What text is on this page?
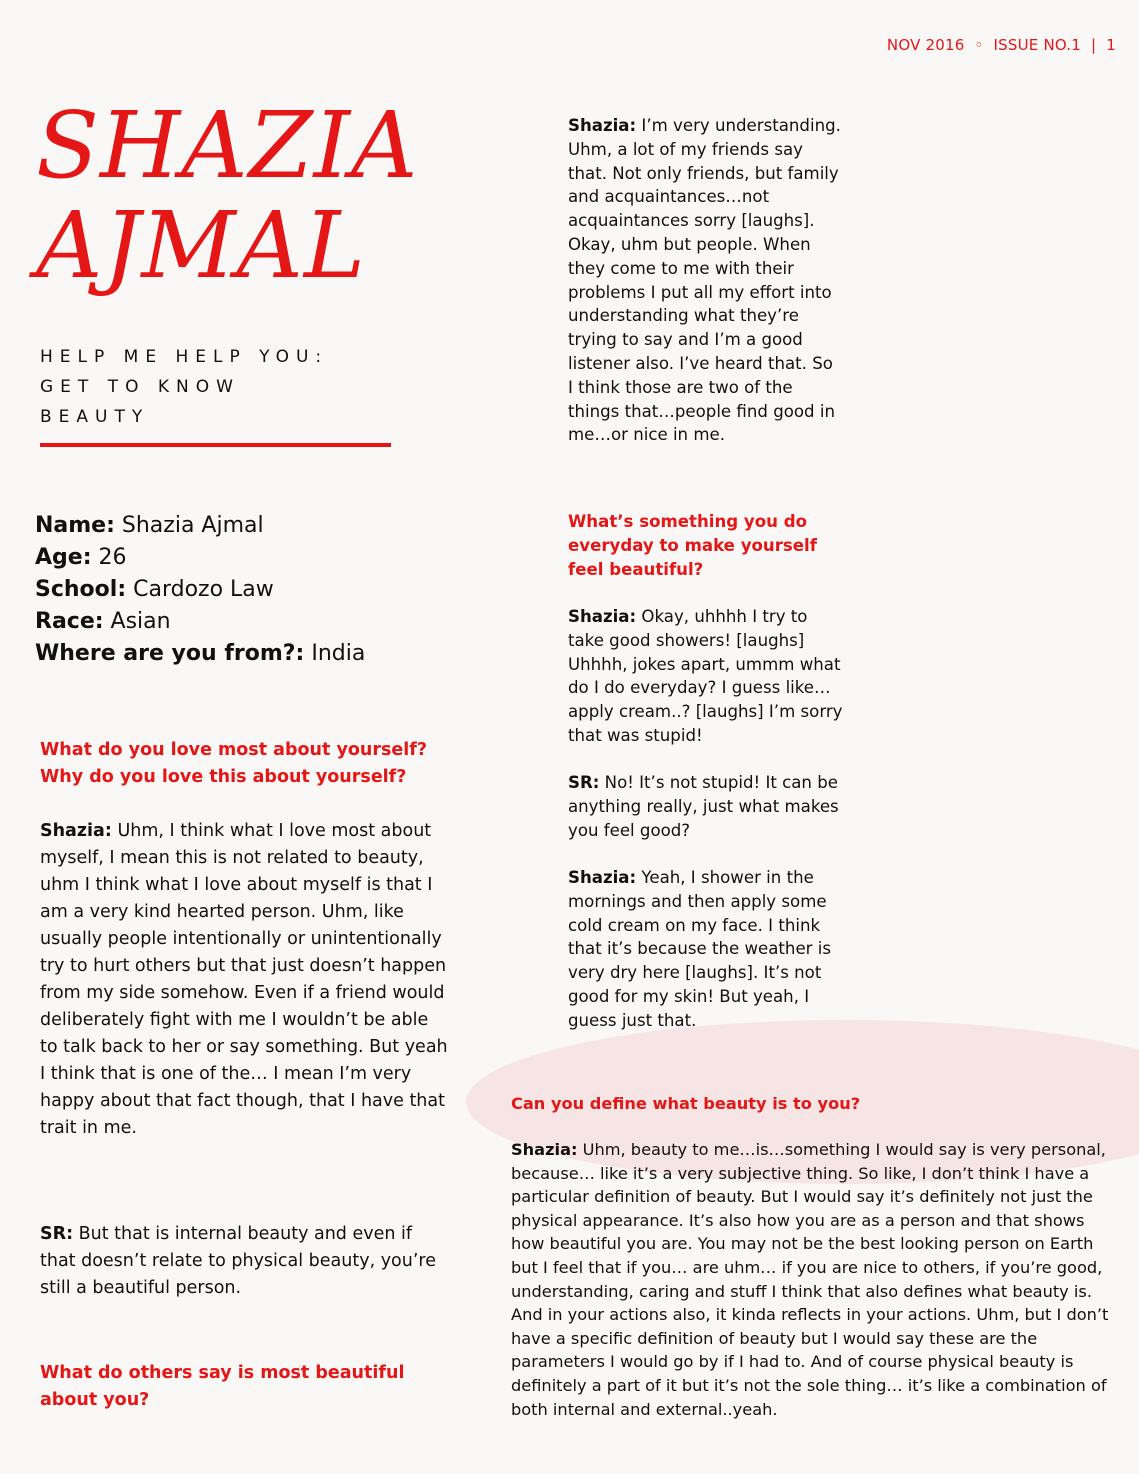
NOV 2016 ◦ ISSUE NO.1 | 1
SHAZIA
AJMAL
HELP ME HELP YOU:
GET TO KNOW
BEAUTY
Name: Shazia Ajmal
Age: 26
School: Cardozo Law
Race: Asian
Where are you from?: India

What do you love most about yourself? Why do you love this about yourself?

Shazia: Uhm, I think what I love most about myself, I mean this is not related to beauty, uhm I think what I love about myself is that I am a very kind hearted person. Uhm, like usually people intentionally or unintentionally try to hurt others but that just doesn’t happen from my side somehow. Even if a friend would deliberately fight with me I wouldn’t be able to talk back to her or say something. But yeah I think that is one of the… I mean I’m very happy about that fact though, that I have that trait in me.

SR: But that is internal beauty and even if that doesn’t relate to physical beauty, you’re still a beautiful person.

What do others say is most beautiful about you?

Shazia: I’m very understanding. Uhm, a lot of my friends say that. Not only friends, but family and acquaintances…not acquaintances sorry [laughs]. Okay, uhm but people. When they come to me with their problems I put all my effort into understanding what they’re trying to say and I’m a good listener also. I’ve heard that. So I think those are two of the things that…people find good in me…or nice in me.

What’s something you do everyday to make yourself feel beautiful?

Shazia: Okay, uhhhh I try to take good showers! [laughs] Uhhhh, jokes apart, ummm what do I do everyday? I guess like…apply cream..? [laughs] I’m sorry that was stupid!

SR: No! It’s not stupid! It can be anything really, just what makes you feel good?

Shazia: Yeah, I shower in the mornings and then apply some cold cream on my face. I think that it’s because the weather is very dry here [laughs]. It’s not good for my skin! But yeah, I guess just that.

Can you define what beauty is to you?

Shazia: Uhm, beauty to me…is…something I would say is very personal, because… like it’s a very subjective thing. So like, I don’t think I have a particular definition of beauty. But I would say it’s definitely not just the physical appearance. It’s also how you are as a person and that shows how beautiful you are. You may not be the best looking person on Earth but I feel that if you… are uhm… if you are nice to others, if you’re good, understanding, caring and stuff I think that also defines what beauty is. And in your actions also, it kinda reflects in your actions. Uhm, but I don’t have a specific definition of beauty but I would say these are the parameters I would go by if I had to. And of course physical beauty is definitely a part of it but it’s not the sole thing… it’s like a combination of both internal and external..yeah.
